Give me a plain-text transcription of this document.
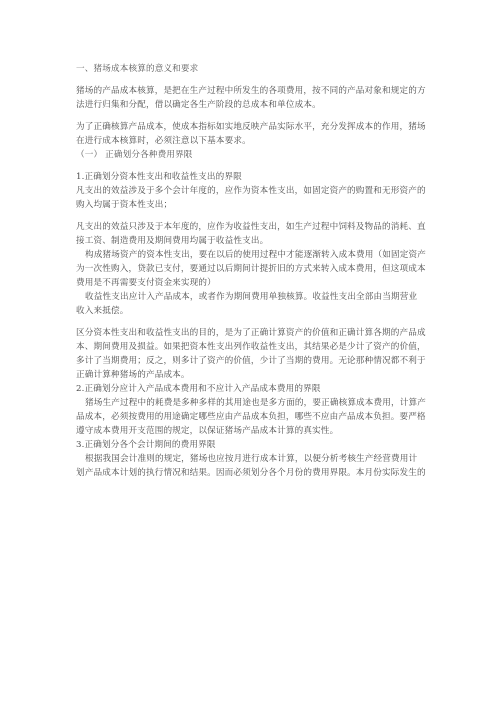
一、猪场成本核算的意义和要求

猪场的产品成本核算，是把在生产过程中所发生的各项费用，按不同的产品对象和规定的方

法进行归集和分配，借以确定各生产阶段的总成本和单位成本。

为了正确核算产品成本，使成本指标如实地反映产品实际水平，充分发挥成本的作用，猪场

在进行成本核算时，必须注意以下基本要求。

（一） 正确划分各种费用界限

1.正确划分资本性支出和收益性支出的界限

凡支出的效益涉及于多个会计年度的，应作为资本性支出，如固定资产的购置和无形资产的

购入均属于资本性支出；

凡支出的效益只涉及于本年度的，应作为收益性支出，如生产过程中饲料及物品的消耗、直

接工资、制造费用及期间费用均属于收益性支出。

构成猪场资产的资本性支出，要在以后的使用过程中才能逐渐转入成本费用（如固定资产

为一次性购入，贷款已支付，要通过以后期间计提折旧的方式来转入成本费用，但这项成本

费用是不再需要支付资金来实现的）

收益性支出应计入产品成本，或者作为期间费用单独核算。收益性支出全部由当期营业

收入来抵偿。

区分资本性支出和收益性支出的目的，是为了正确计算资产的价值和正确计算各期的产品成

本、期间费用及损益。如果把资本性支出列作收益性支出，其结果必是少计了资产的价值，

多计了当期费用；反之，则多计了资产的价值，少计了当期的费用。无论那种情况都不利于

正确计算种猪场的产品成本。

2.正确划分应计入产品成本费用和不应计入产品成本费用的界限

猪场生产过程中的耗费是多种多样的其用途也是多方面的，要正确核算成本费用，计算产

品成本，必须按费用的用途确定哪些应由产品成本负担，哪些不应由产品成本负担。要严格

遵守成本费用开支范围的规定，以保证猪场产品成本计算的真实性。

3.正确划分各个会计期间的费用界限

根据我国会计准则的规定，猪场也应按月进行成本计算，以便分析考核生产经营费用计

划产品成本计划的执行情况和结果。因而必须划分各个月份的费用界限。本月份实际发生的
